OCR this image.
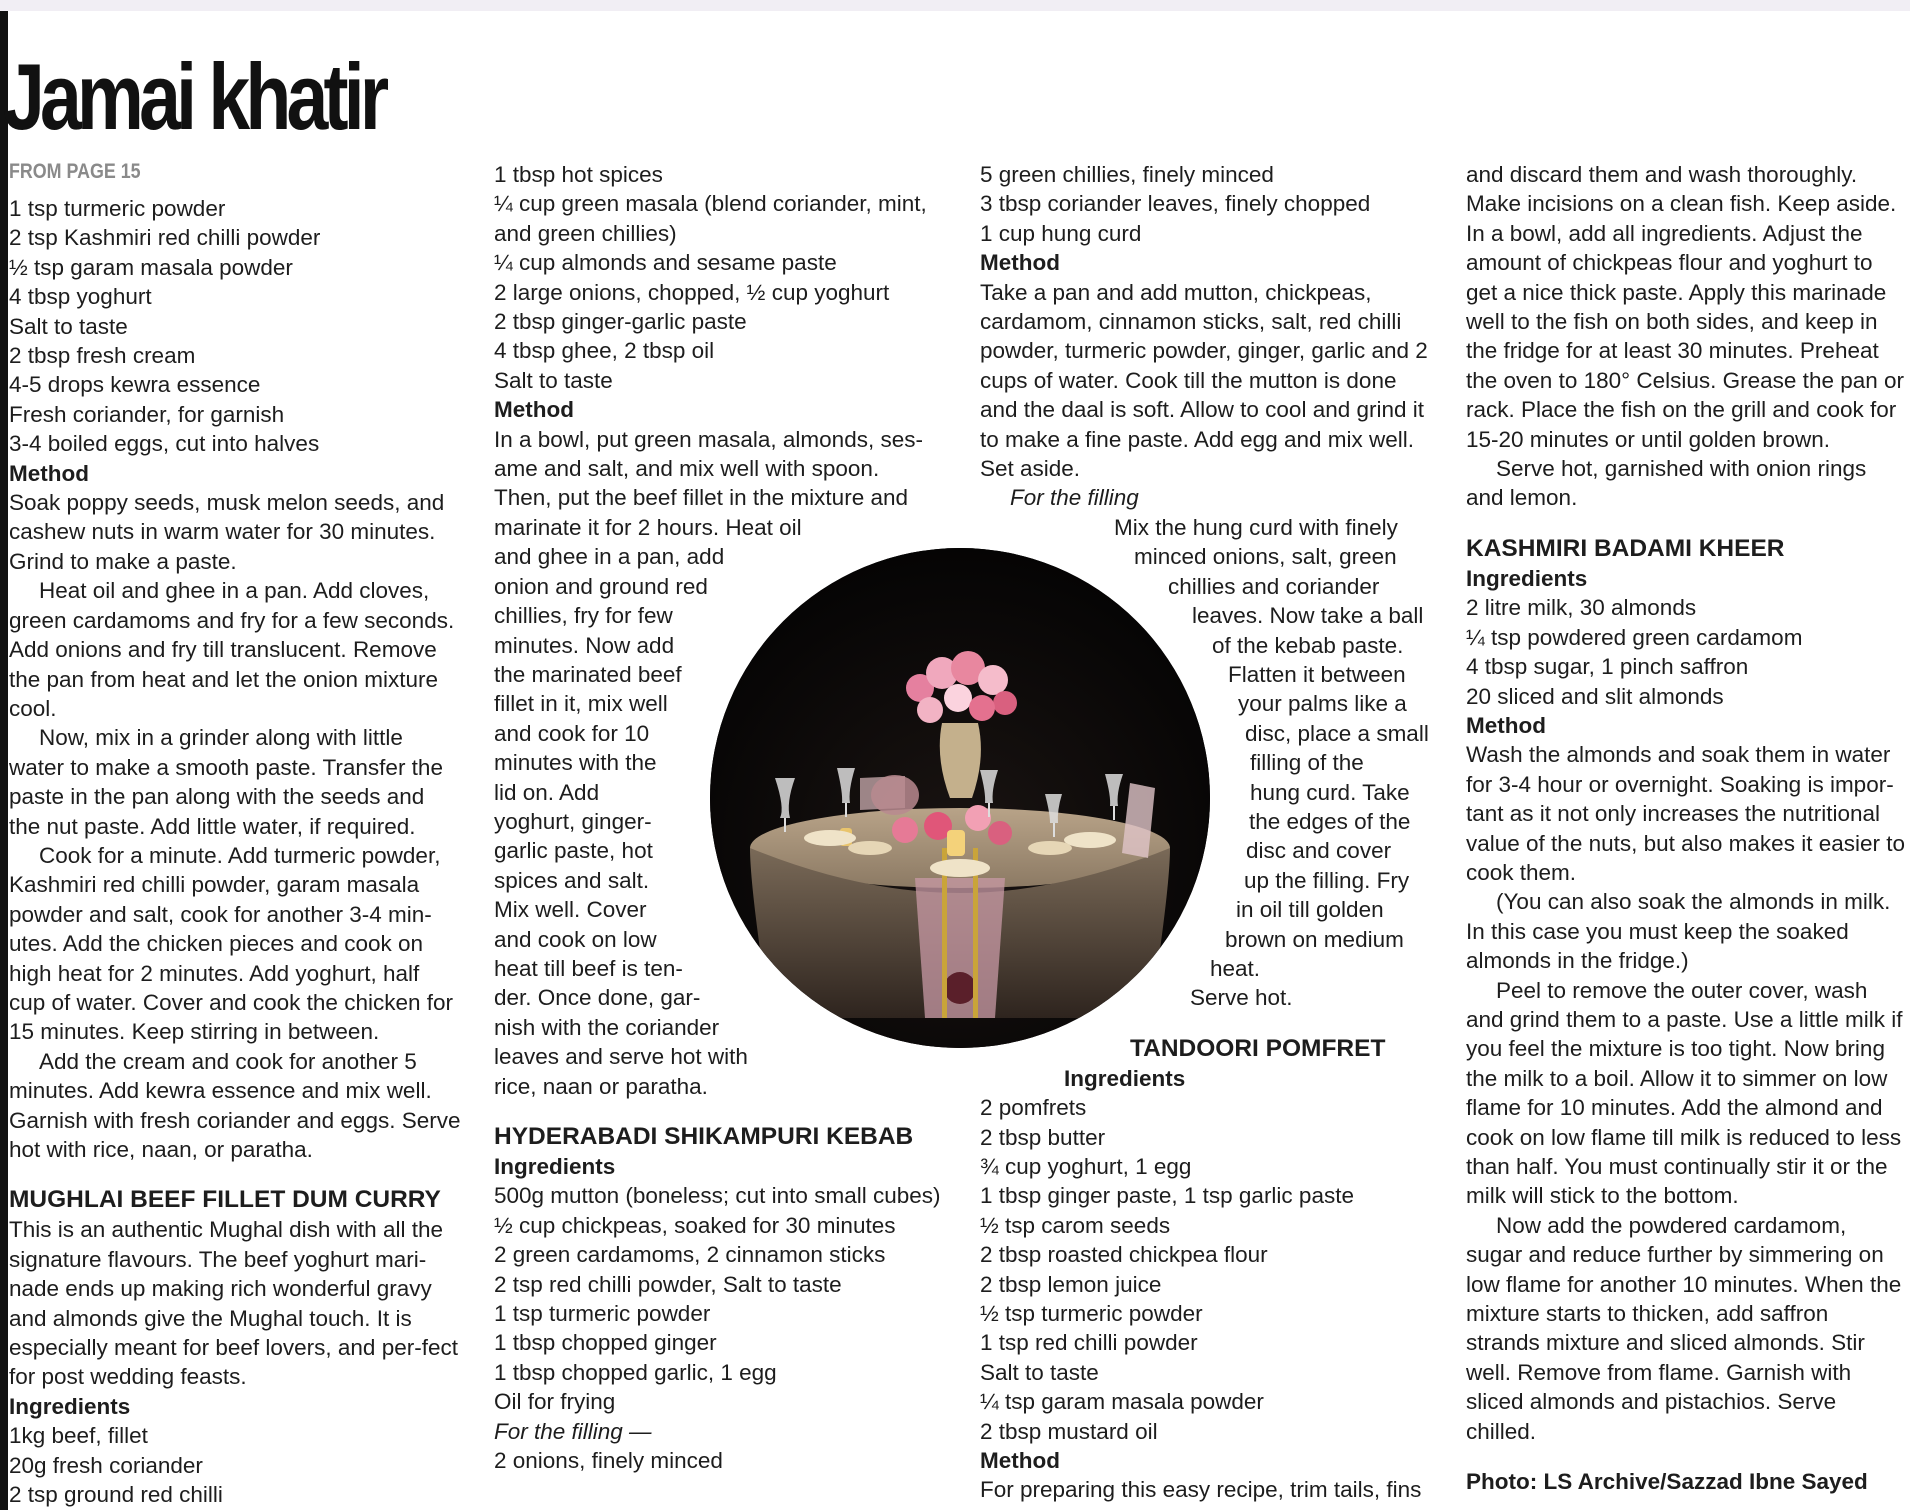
Jamai khatir
FROM PAGE 15

1 tsp turmeric powder

2 tsp Kashmiri red chilli powder

½ tsp garam masala powder

4 tbsp yoghurt

Salt to taste

2 tbsp fresh cream

4-5 drops kewra essence

Fresh coriander, for garnish

3-4 boiled eggs, cut into halves

Method

Soak poppy seeds, musk melon seeds, and cashew nuts in warm water for 30 minutes. Grind to make a paste.

Heat oil and ghee in a pan. Add cloves, green cardamoms and fry for a few seconds. Add onions and fry till translucent. Remove the pan from heat and let the onion mixture cool.

Now, mix in a grinder along with little water to make a smooth paste. Transfer the paste in the pan along with the seeds and the nut paste. Add little water, if required.

Cook for a minute. Add turmeric powder, Kashmiri red chilli powder, garam masala powder and salt, cook for another 3-4 min-utes. Add the chicken pieces and cook on high heat for 2 minutes. Add yoghurt, half cup of water. Cover and cook the chicken for 15 minutes. Keep stirring in between.

Add the cream and cook for another 5 minutes. Add kewra essence and mix well. Garnish with fresh coriander and eggs. Serve hot with rice, naan, or paratha.

MUGHLAI BEEF FILLET DUM CURRY

This is an authentic Mughal dish with all the signature flavours. The beef yoghurt mari-nade ends up making rich wonderful gravy and almonds give the Mughal touch. It is especially meant for beef lovers, and per-fect for post wedding feasts.

Ingredients

1kg beef, fillet

20g fresh coriander

2 tsp ground red chilli

1 tbsp hot spices

¼ cup green masala (blend coriander, mint, and green chillies)

¼ cup almonds and sesame paste

2 large onions, chopped, ½ cup yoghurt

2 tbsp ginger-garlic paste

4 tbsp ghee, 2 tbsp oil

Salt to taste

Method

In a bowl, put green masala, almonds, ses-
ame and salt, and mix well with spoon.
Then, put the beef fillet in the mixture and
marinate it for 2 hours. Heat oil
and ghee in a pan, add
onion and ground red
chillies, fry for few
minutes. Now add
the marinated beef
fillet in it, mix well
and cook for 10
minutes with the
lid on. Add
yoghurt, ginger-
garlic paste, hot
spices and salt.
Mix well. Cover
and cook on low
heat till beef is ten-
der. Once done, gar-
nish with the coriander
leaves and serve hot with
rice, naan or paratha.

HYDERABADI SHIKAMPURI KEBAB

Ingredients

500g mutton (boneless; cut into small cubes)

½ cup chickpeas, soaked for 30 minutes

2 green cardamoms, 2 cinnamon sticks

2 tsp red chilli powder, Salt to taste

1 tsp turmeric powder

1 tbsp chopped ginger

1 tbsp chopped garlic, 1 egg

Oil for frying

For the filling —

2 onions, finely minced

5 green chillies, finely minced

3 tbsp coriander leaves, finely chopped

1 cup hung curd

Method

Take a pan and add mutton, chickpeas, cardamom, cinnamon sticks, salt, red chilli powder, turmeric powder, ginger, garlic and 2 cups of water. Cook till the mutton is done and the daal is soft. Allow to cool and grind it to make a fine paste. Add egg and mix well. Set aside.

For the filling

Mix the hung curd with finely
minced onions, salt, green
chillies and coriander
leaves. Now take a ball
of the kebab paste.
Flatten it between
your palms like a
disc, place a small
filling of the
hung curd. Take
the edges of the
disc and cover
up the filling. Fry
in oil till golden
brown on medium
heat.
Serve hot.

TANDOORI POMFRET

Ingredients

2 pomfrets

2 tbsp butter

¾ cup yoghurt, 1 egg

1 tbsp ginger paste, 1 tsp garlic paste

½ tsp carom seeds

2 tbsp roasted chickpea flour

2 tbsp lemon juice

½ tsp turmeric powder

1 tsp red chilli powder

Salt to taste

¼ tsp garam masala powder

2 tbsp mustard oil

Method

For preparing this easy recipe, trim tails, fins

and discard them and wash thoroughly. Make incisions on a clean fish. Keep aside. In a bowl, add all ingredients. Adjust the amount of chickpeas flour and yoghurt to get a nice thick paste. Apply this marinade well to the fish on both sides, and keep in the fridge for at least 30 minutes. Preheat the oven to 180° Celsius. Grease the pan or rack. Place the fish on the grill and cook for 15-20 minutes or until golden brown.

Serve hot, garnished with onion rings and lemon.

KASHMIRI BADAMI KHEER

Ingredients

2 litre milk, 30 almonds

¼ tsp powdered green cardamom

4 tbsp sugar, 1 pinch saffron

20 sliced and slit almonds

Method

Wash the almonds and soak them in water for 3-4 hour or overnight. Soaking is impor-tant as it not only increases the nutritional value of the nuts, but also makes it easier to cook them.

(You can also soak the almonds in milk. In this case you must keep the soaked almonds in the fridge.)

Peel to remove the outer cover, wash and grind them to a paste. Use a little milk if you feel the mixture is too tight. Now bring the milk to a boil. Allow it to simmer on low flame for 10 minutes. Add the almond and cook on low flame till milk is reduced to less than half. You must continually stir it or the milk will stick to the bottom.

Now add the powdered cardamom, sugar and reduce further by simmering on low flame for another 10 minutes. When the mixture starts to thicken, add saffron strands mixture and sliced almonds. Stir well. Remove from flame. Garnish with sliced almonds and pistachios. Serve chilled.

Photo: LS Archive/Sazzad Ibne Sayed
